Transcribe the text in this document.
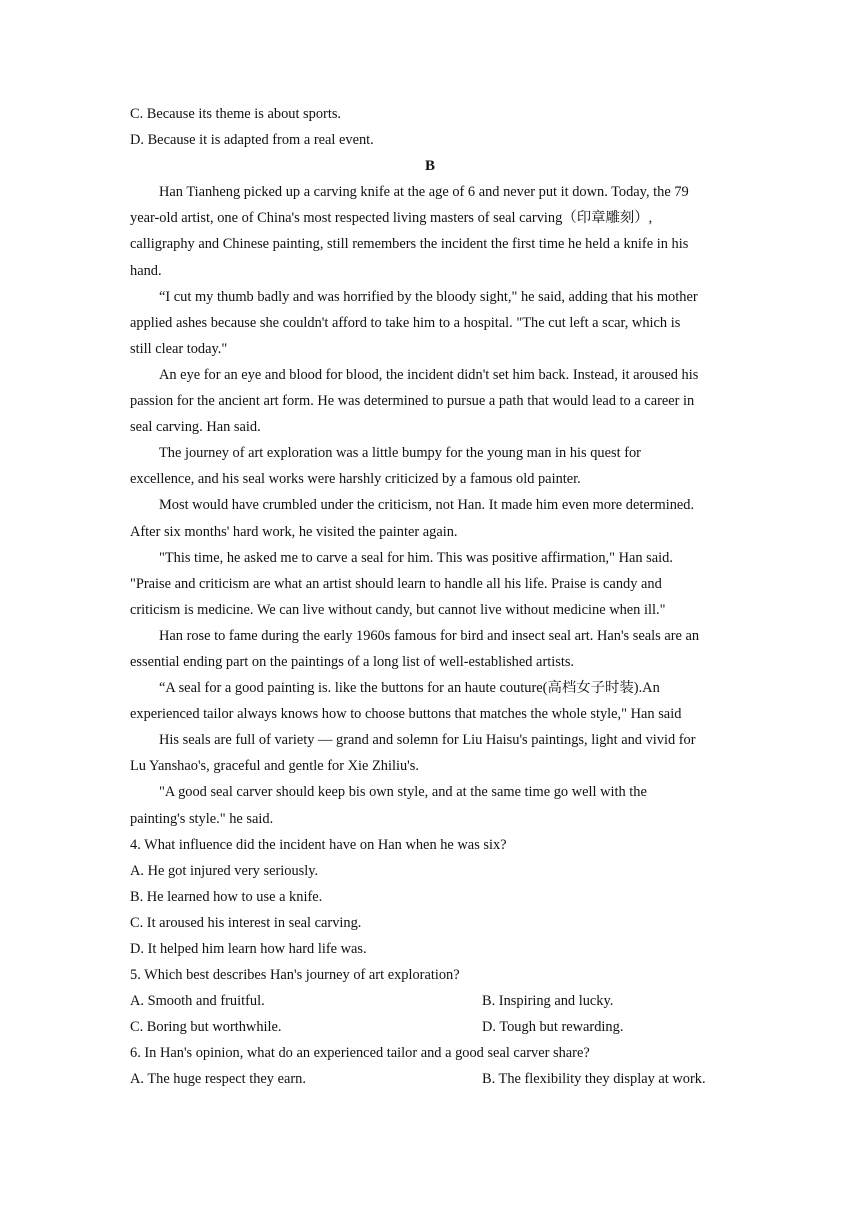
C. Because its theme is about sports.
D. Because it is adapted from a real event.
B
Han Tianheng picked up a carving knife at the age of 6 and never put it down. Today, the 79
year-old artist, one of China's most respected living masters of seal carving（印章雕刻）,
calligraphy and Chinese painting, still remembers the incident the first time he held a knife in his
hand.
“I cut my thumb badly and was horrified by the bloody sight," he said, adding that his mother
applied ashes because she couldn't afford to take him to a hospital. "The cut left a scar, which is
still clear today."
An eye for an eye and blood for blood, the incident didn't set him back. Instead, it aroused his
passion for the ancient art form. He was determined to pursue a path that would lead to a career in
seal carving. Han said.
The journey of art exploration was a little bumpy for the young man in his quest for
excellence, and his seal works were harshly criticized by a famous old painter.
Most would have crumbled under the criticism, not Han. It made him even more determined.
After six months' hard work, he visited the painter again.
"This time, he asked me to carve a seal for him. This was positive affirmation," Han said.
"Praise and criticism are what an artist should learn to handle all his life. Praise is candy and
criticism is medicine. We can live without candy, but cannot live without medicine when ill."
Han rose to fame during the early 1960s famous for bird and insect seal art. Han's seals are an
essential ending part on the paintings of a long list of well-established artists.
“A seal for a good painting is. like the buttons for an haute couture(高档女子时装).An
experienced tailor always knows how to choose buttons that matches the whole style," Han said
His seals are full of variety — grand and solemn for Liu Haisu's paintings, light and vivid for
Lu Yanshao's, graceful and gentle for Xie Zhiliu's.
"A good seal carver should keep bis own style, and at the same time go well with the
painting's style." he said.
4. What influence did the incident have on Han when he was six?
A. He got injured very seriously.
B. He learned how to use a knife.
C. It aroused his interest in seal carving.
D. It helped him learn how hard life was.
5. Which best describes Han's journey of art exploration?
A. Smooth and fruitful.	B. Inspiring and lucky.
C. Boring but worthwhile.	D. Tough but rewarding.
6. In Han's opinion, what do an experienced tailor and a good seal carver share?
A. The huge respect they earn.	B. The flexibility they display at work.
